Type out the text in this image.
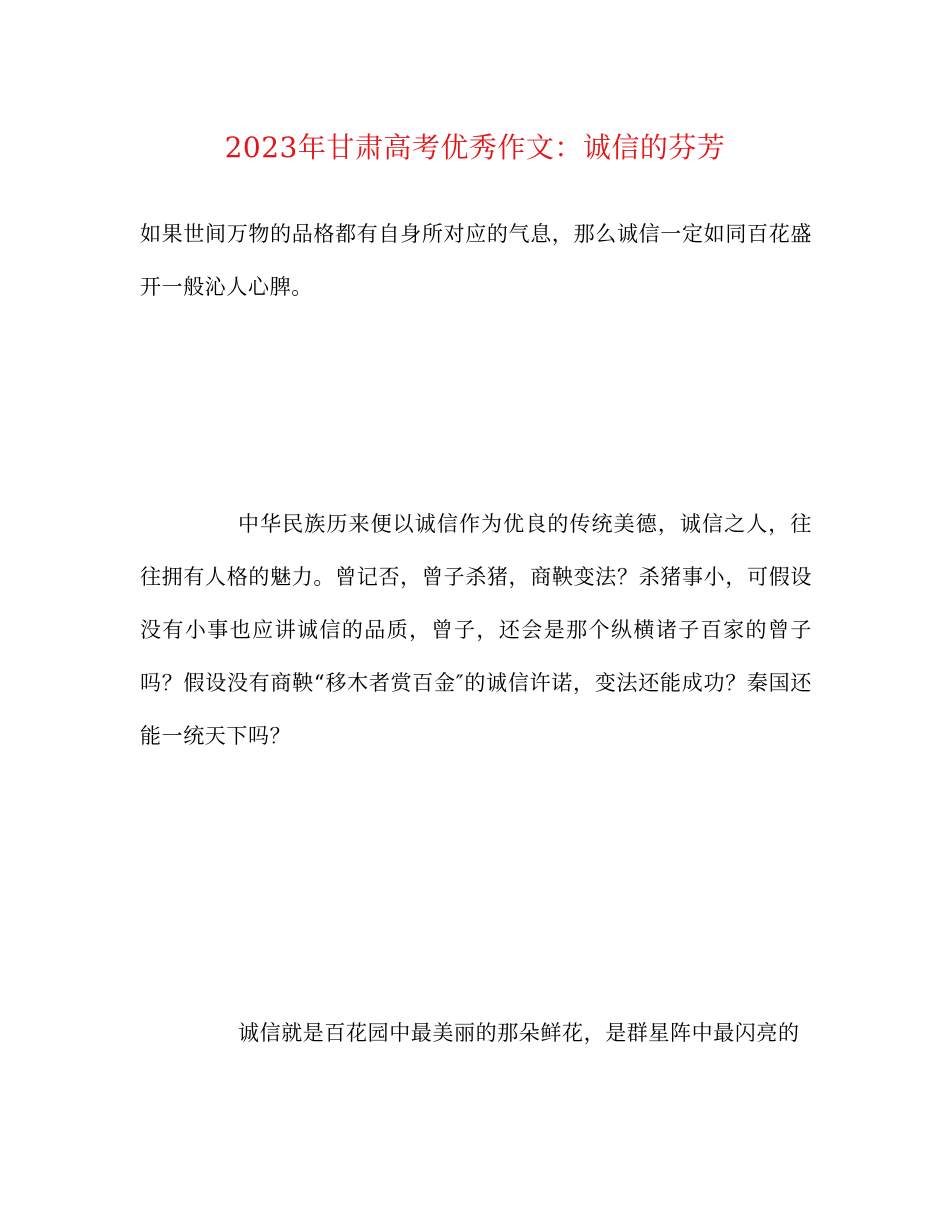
2023年甘肃高考优秀作文：诚信的芬芳

如果世间万物的品格都有自身所对应的气息，那么诚信一定如同百花盛开一般沁人心脾。

中华民族历来便以诚信作为优良的传统美德，诚信之人，往往拥有人格的魅力。曾记否，曾子杀猪，商鞅变法？杀猪事小，可假设没有小事也应讲诚信的品质，曾子，还会是那个纵横诸子百家的曾子吗？假设没有商鞅“移木者赏百金″的诚信许诺，变法还能成功？秦国还能一统天下吗？

诚信就是百花园中最美丽的那朵鲜花，是群星阵中最闪亮的
